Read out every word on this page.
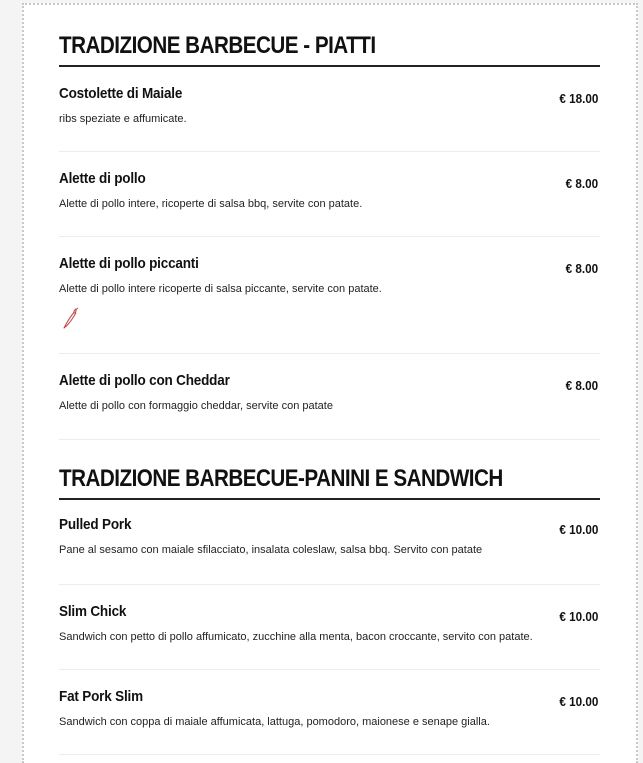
TRADIZIONE BARBECUE - PIATTI
Costolette di Maiale	€ 18.00
ribs speziate e affumicate.
Alette di pollo	€ 8.00
Alette di pollo intere, ricoperte di salsa bbq, servite con patate.
Alette di pollo piccanti	€ 8.00
Alette di pollo intere ricoperte di salsa piccante, servite con patate.
Alette di pollo con Cheddar	€ 8.00
Alette di pollo con formaggio cheddar, servite con patate
TRADIZIONE BARBECUE-PANINI E SANDWICH
Pulled Pork	€ 10.00
Pane al sesamo con maiale sfilacciato, insalata coleslaw, salsa bbq. Servito con patate
Slim Chick	€ 10.00
Sandwich con petto di pollo affumicato, zucchine alla menta, bacon croccante, servito con patate.
Fat Pork Slim	€ 10.00
Sandwich con coppa di maiale affumicata, lattuga, pomodoro, maionese e senape gialla.
